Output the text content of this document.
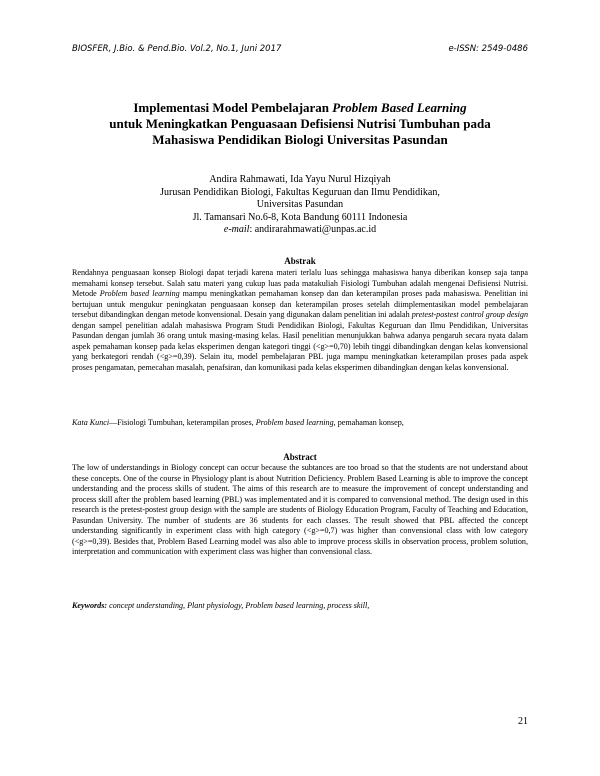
BIOSFER, J.Bio. & Pend.Bio. Vol.2, No.1, Juni 2017	e-ISSN: 2549-0486
Implementasi Model Pembelajaran Problem Based Learning
untuk Meningkatkan Penguasaan Defisiensi Nutrisi Tumbuhan pada
Mahasiswa Pendidikan Biologi Universitas Pasundan
Andira Rahmawati, Ida Yayu Nurul Hizqiyah
Jurusan Pendidikan Biologi, Fakultas Keguruan dan Ilmu Pendidikan,
Universitas Pasundan
Jl. Tamansari No.6-8, Kota Bandung 60111 Indonesia
e-mail: andirarahmawati@unpas.ac.id
Abstrak
Rendahnya penguasaan konsep Biologi dapat terjadi karena materi terlalu luas sehingga mahasiswa hanya diberikan konsep saja tanpa memahami konsep tersebut. Salah satu materi yang cukup luas pada matakuliah Fisiologi Tumbuhan adalah mengenai Defisiensi Nutrisi. Metode Problem based learning mampu meningkatkan pemahaman konsep dan dan keterampilan proses pada mahasiswa. Penelitian ini bertujuan untuk mengukur peningkatan penguasaan konsep dan keterampilan proses setelah diimplementasikan model pembelajaran tersebut dibandingkan dengan metode konvensional. Desain yang digunakan dalam penelitian ini adalah pretest-postest control group design dengan sampel penelitian adalah mahasiswa Program Studi Pendidikan Biologi, Fakultas Keguruan dan Ilmu Pendidikan, Universitas Pasundan dengan jumlah 36 orang untuk masing-masing kelas. Hasil penelitian menunjukkan bahwa adanya pengaruh secara nyata dalam aspek pemahaman konsep pada kelas eksperimen dengan kategori tinggi (<g>=0,70) lebih tinggi dibandingkan dengan kelas konvensional yang berkategori rendah (<g>=0,39). Selain itu, model pembelajaran PBL juga mampu meningkatkan keterampilan proses pada aspek proses pengamatan, pemecahan masalah, penafsiran, dan komunikasi pada kelas eksperimen dibandingkan dengan kelas konvensional.
Kata Kunci—Fisiologi Tumbuhan, keterampilan proses, Problem based learning, pemahaman konsep,
Abstract
The low of understandings in Biology concept can occur because the subtances are too broad so that the students are not understand about these concepts. One of the course in Physiology plant is about Nutrition Deficiency. Problem Based Learning is able to improve the concept understanding and the process skills of student. The aims of this research are to measure the improvement of concept understanding and process skill after the problem based learning (PBL) was implementated and it is compared to convensional method. The design used in this research is the pretest-postest group design with the sample are students of Biology Education Program, Faculty of Teaching and Education, Pasundan University. The number of students are 36 students for each classes. The result showed that PBL affected the concept understanding significantly in experiment class with high category (<g>=0,7) was higher than convensional class with low category (<g>=0,39). Besides that, Problem Based Learning model was also able to improve process skills in observation process, problem solution, interpretation and communication with experiment class was higher than convensional class.
Keywords: concept understanding, Plant physiology, Problem based learning, process skill,
21
